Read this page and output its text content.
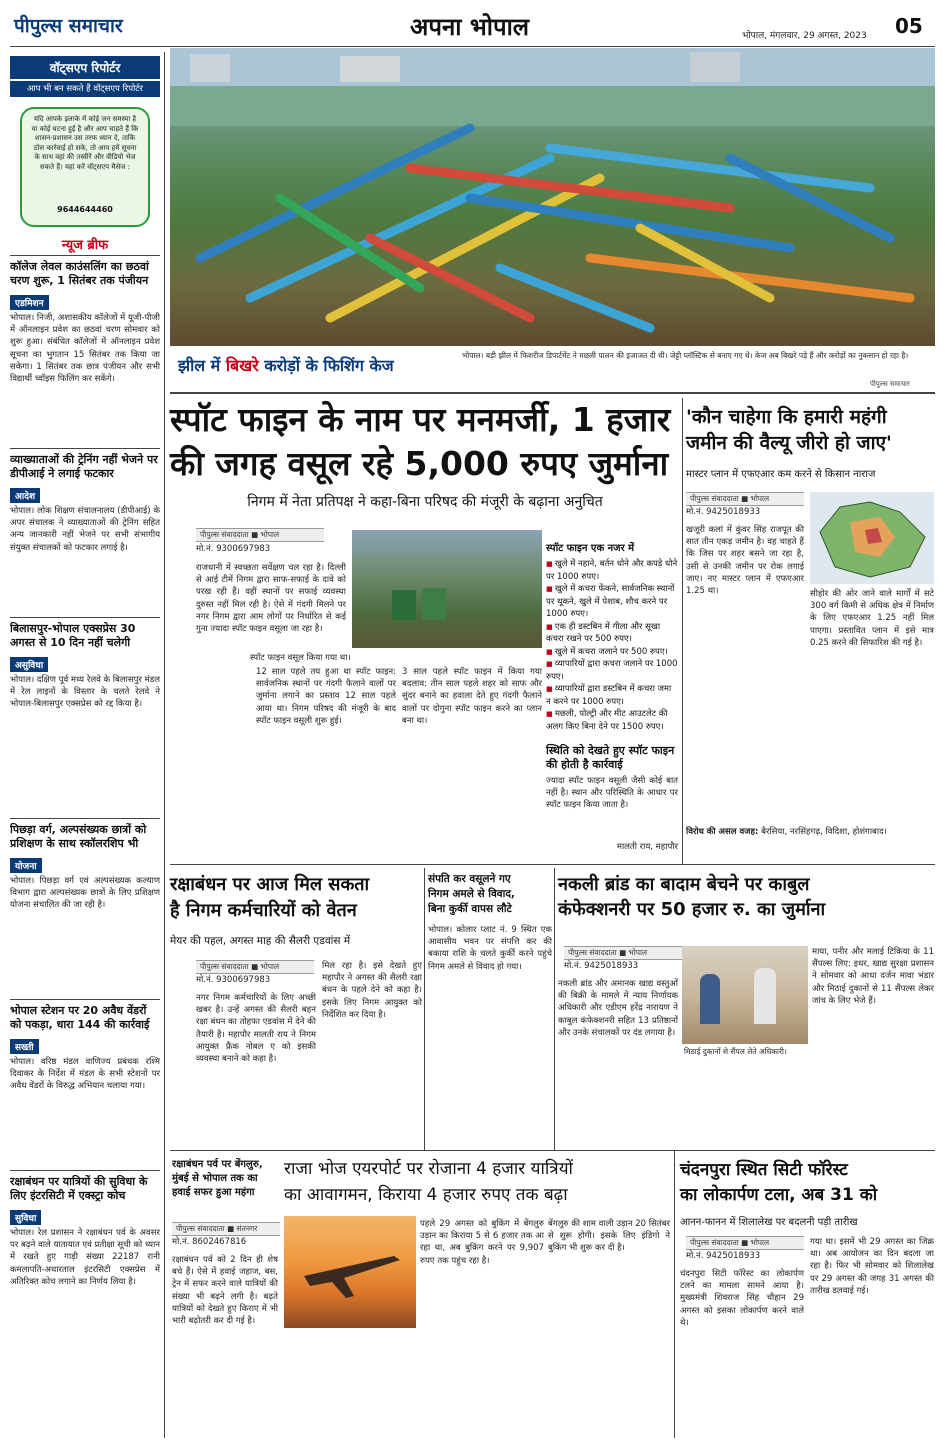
पीपुल्स समाचार	अपना भोपाल	भोपाल, मंगलवार, 29 अगस्त, 2023 05
वॉट्सएप रिपोर्टर
आप भी बन सकते हैं वॉट्सएप रिपोर्टर
यदि आपके इलाके में कोई जन समस्या है या कोई घटना हुई है और आप चाहते हैं कि शासन-प्रशासन उस तरफ ध्यान दे, ताकि ठोस कार्रवाई हो सके, तो आप हमें सूचना के साथ वहां की तस्वीरें और वीडियो भेज सकते हैं। यहां करें वॉट्सएप मैसेज :
9644644460
न्यूज ब्रीफ
कॉलेज लेवल काउंसलिंग का छठवां चरण शुरू, 1 सितंबर तक पंजीयन
एडमिशन
भोपाल। निजी, अशासकीय कॉलेजों में यूजी-पीजी में ऑनलाइन प्रवेश का छठवां चरण सोमवार को शुरू हुआ। संबंधित कॉलेजों में ऑनलाइन प्रवेश सूचना का भुगतान 15 सितंबर तक किया जा सकेगा। 1 सितंबर तक छात्र पंजीयन और सभी विद्यार्थी च्वॉइस फिलिंग कर सकेंगे।
व्याख्याताओं की ट्रेनिंग नहीं भेजने पर डीपीआई ने लगाई फटकार
आदेश
भोपाल। लोक शिक्षण संचालनालय (डीपीआई) के अपर संचालक ने व्याख्याताओं की ट्रेनिंग सहित अन्य जानकारी नहीं भेजने पर सभी संभागीय संयुक्त संचालकों को फटकार लगाई है।
बिलासपुर-भोपाल एक्सप्रेस 30 अगस्त से 10 दिन नहीं चलेगी
असुविधा
भोपाल। दक्षिण पूर्व मध्य रेलवे के बिलासपुर मंडल में रेल लाइनों के विस्तार के चलते रेलवे ने भोपाल-बिलासपुर एक्सप्रेस को रद्द किया है।
पिछड़ा वर्ग, अल्पसंख्यक छात्रों को प्रशिक्षण के साथ स्कॉलरशिप भी
योजना
भोपाल। पिछड़ा वर्ग एवं अल्पसंख्यक कल्याण विभाग द्वारा अल्पसंख्यक छात्रों के लिए प्रशिक्षण योजना संचालित की जा रही है।
भोपाल स्टेशन पर 20 अवैध वेंडरों को पकड़ा, धारा 144 की कार्रवाई
सख्ती
भोपाल। वरिष्ठ मंडल वाणिज्य प्रबंधक रश्मि दिवाकर के निर्देश में मंडल के सभी स्टेशनों पर अवैध वेंडरों के विरुद्ध अभियान चलाया गया।
रक्षाबंधन पर यात्रियों की सुविधा के लिए इंटरसिटी में एक्स्ट्रा कोच
सुविधा
भोपाल। रेल प्रशासन ने रक्षाबंधन पर्व के अवसर पर बढ़ने वाले यातायात एवं प्रतीक्षा सूची को ध्यान में रखते हुए गाड़ी संख्या 22187 रानी कमलापति-अधारताल इंटरसिटी एक्सप्रेस में अतिरिक्त कोच लगाने का निर्णय लिया है।
झील में बिखरे करोड़ों के फिशिंग केज
भोपाल। बड़ी झील में फिशरीज डिपार्टमेंट ने मछली पालन की इजाजत दी थी। जेट्टी प्लॉस्टिक से बनाए गए थे। केज अब बिखरे पड़े हैं और करोड़ों का नुकसान हो रहा है।
पीपुल्स समाचार
स्पॉट फाइन के नाम पर मनमर्जी, 1 हजार
की जगह वसूल रहे 5,000 रुपए जुर्माना
निगम में नेता प्रतिपक्ष ने कहा-बिना परिषद की मंजूरी के बढ़ाना अनुचित
पीपुल्स संवाददाता ■ भोपाल
मो.नं. 9300697983
राजधानी में स्वच्छता सर्वेक्षण चल रहा है। दिल्ली से आई टीमें निगम द्वारा साफ-सफाई के दावे को परख रही हैं। वहीं स्थानों पर सफाई व्यवस्था दुरुस्त नहीं मिल रही है। ऐसे में गंदगी मिलने पर नगर निगम द्वारा आम लोगों पर निर्धारित से कई गुना ज्यादा स्पॉट फाइन वसूला जा रहा है।
स्पॉट फाइन वसूल किया गया था।
12 साल पहले तय हुआ था स्पॉट फाइन: सार्वजनिक स्थानों पर गंदगी फैलाने वालों पर जुर्माना लगाने का प्रस्ताव 12 साल पहले आया था। निगम परिषद की मंजूरी के बाद स्पॉट फाइन वसूली शुरू हुई।
3 साल पहले स्पॉट फाइन में किया गया बदलाव: तीन साल पहले शहर को साफ और सुंदर बनाने का हवाला देते हुए गंदगी फैलाने वालों पर दोगुना स्पॉट फाइन करने का प्लान बना था।
स्पॉट फाइन एक नजर में
■ खुले में नहाने, बर्तन धोने और कपड़े धोने पर 1000 रुपए।
■ खुले में कचरा फेंकने, सार्वजनिक स्थानों पर थूकने, खुले में पेशाब, शौच करने पर 1000 रुपए।
■ एक ही डस्टबिन में गीला और सूखा कचरा रखने पर 500 रुपए।
■ खुले में कचरा जलाने पर 500 रुपए।
■ व्यापारियों द्वारा कचरा जलाने पर 1000 रुपए।
■ व्यापारियों द्वारा डस्टबिन में कचरा जमा न करने पर 1000 रुपए।
■ मछली, पोल्ट्री और मीट आउटलेट की अलग किए बिना देने पर 1500 रुपए।
स्थिति को देखते हुए स्पॉट फाइन की होती है कार्रवाई
ज्यादा स्पॉट फाइन वसूली जैसी कोई बात नहीं है। स्थान और परिस्थिति के आधार पर स्पॉट फाइन किया जाता है।
मालती राय, महापौर
'कौन चाहेगा कि हमारी महंगी
जमीन की वैल्यू जीरो हो जाए'
मास्टर प्लान में एफएआर कम करने से किसान नाराज
पीपुल्स संवाददाता ■ भोपाल
मो.नं. 9425018933
खजूरी कलां में कुंवर सिंह राजपूत की सात तीन एकड़ जमीन है। वह चाहते हैं कि जिस पर शहर बसने जा रहा है, उसी से उनकी जमीन पर रोक लगाई जाए। नए मास्टर प्लान में एफएआर 1.25 था।	सीहोर की ओर जाने वाले मार्गों में सटे 300 वर्ग किमी से अधिक क्षेत्र में निर्माण के लिए एफएआर 1.25 नहीं मिल पाएगा। प्रस्तावित प्लान में इसे मात्र 0.25 करने की सिफारिश की गई है।
विरोध की असल वजह: बैरसिया, नरसिंहगढ़, विदिशा, होशंगाबाद।
रक्षाबंधन पर आज मिल सकता
है निगम कर्मचारियों को वेतन
मेयर की पहल, अगस्त माह की सैलरी एडवांस में
पीपुल्स संवाददाता ■ भोपाल
मो.नं. 9300697983
नगर निगम कर्मचारियों के लिए अच्छी खबर है। उन्हें अगस्त की सैलरी बहन रक्षा बंधन का तोहफा एडवांस में देने की तैयारी है। महापौर मालती राय ने निगम आयुक्त फ्रैंक नोबल ए को इसकी व्यवस्था बनाने को कहा है।
मिल रहा है। इसे देखते हुए महापौर ने अगस्त की सैलरी रक्षा बंधन के पहले देने को कहा है। इसके लिए निगम आयुक्त को निर्देशित कर दिया है।
संपति कर वसूलने गए
निगम अमले से विवाद,
बिना कुर्की वापस लौटे
भोपाल। कोलार प्लाट नं. 9 स्थित एक आवासीय भवन पर संपत्ति कर की बकाया राशि के चलते कुर्की करने पहुंचे निगम अमले से विवाद हो गया।
नकली ब्रांड का बादाम बेचने पर काबुल
कंफेक्शनरी पर 50 हजार रु. का जुर्माना
पीपुल्स संवाददाता ■ भोपाल
मो.नं. 9425018933
नकली ब्रांड और अमानक खाद्य वस्तुओं की बिक्री के मामले में न्याय निर्णायक अधिकारी और एडीएम हरेंद्र नारायण ने काबुल कंफेक्शनरी सहित 13 प्रतिष्ठानों और उनके संचालकों पर दंड लगाया है।
मिठाई दुकानों से सैंपल लेते अधिकारी।
माया, पनीर और मलाई टिकिया के 11 सैंपल्स लिए: इधर, खाद्य सुरक्षा प्रशासन ने सोमवार को आधा दर्जन मावा भंडार और मिठाई दुकानों से 11 सैंपल्स लेकर जांच के लिए भेजे हैं।
रक्षाबंधन पर्व पर बेंगलुरु, मुंबई से भोपाल तक का हवाई सफर हुआ महंगा
राजा भोज एयरपोर्ट पर रोजाना 4 हजार यात्रियों
का आवागमन, किराया 4 हजार रुपए तक बढ़ा
पीपुल्स संवाददाता ■ संतनगर
मो.नं. 8602467816
रक्षाबंधन पर्व को 2 दिन ही शेष बचे हैं। ऐसे में हवाई जहाज, बस, ट्रेन में सफर करने वाले यात्रियों की संख्या भी बढ़ने लगी है। बढ़ते यात्रियों को देखते हुए किराए में भी भारी बढ़ोतरी कर दी गई है।
पहले 29 अगस्त को बुकिंग में बेंगलुरु उड़ान का किराया 5 से 6 हजार तक आ रहा था, अब बुकिंग करने पर 9,907 रुपए तक पहुंच रहा है।
बेंगलुरु की शाम वाली उड़ान 20 सितंबर से शुरू होगी। इसके लिए इंडिगो ने बुकिंग भी शुरू कर दी है।
चंदनपुरा स्थित सिटी फॉरेस्ट
का लोकार्पण टला, अब 31 को
आनन-फानन में शिलालेख पर बदलनी पड़ी तारीख
पीपुल्स संवाददाता ■ भोपाल
मो.नं. 9425018933
चंदनपुरा सिटी फॉरेस्ट का लोकार्पण टलने का मामला सामने आया है। मुख्यमंत्री शिवराज सिंह चौहान 29 अगस्त को इसका लोकार्पण करने वाले थे।
गया था। इसमें भी 29 अगस्त का जिक्र था। अब आयोजन का दिन बदला जा रहा है। फिर भी सोमवार को शिलालेख पर 29 अगस्त की जगह 31 अगस्त की तारीख डलवाई गई।
